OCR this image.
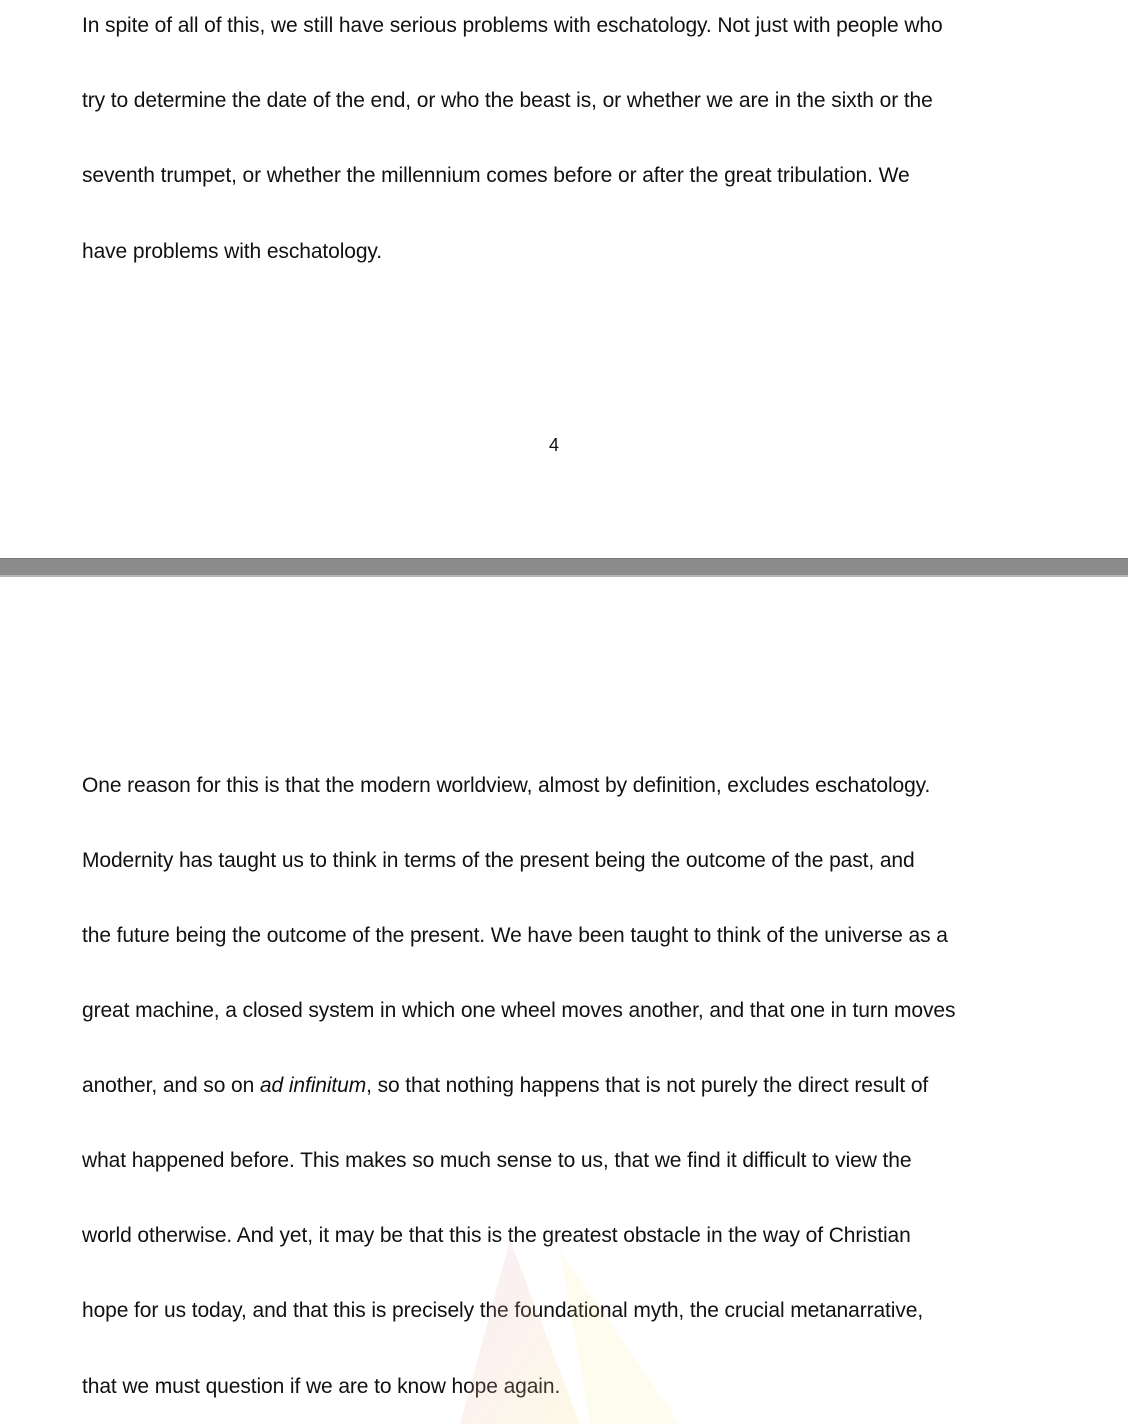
In spite of all of this, we still have serious problems with eschatology. Not just with people who

try to determine the date of the end, or who the beast is, or whether we are in the sixth or the

seventh trumpet, or whether the millennium comes before or after the great tribulation. We

have problems with eschatology.

4

One reason for this is that the modern worldview, almost by definition, excludes eschatology.

Modernity has taught us to think in terms of the present being the outcome of the past, and

the future being the outcome of the present. We have been taught to think of the universe as a

great machine, a closed system in which one wheel moves another, and that one in turn moves

another, and so on ad infinitum, so that nothing happens that is not purely the direct result of

what happened before. This makes so much sense to us, that we find it difficult to view the

world otherwise. And yet, it may be that this is the greatest obstacle in the way of Christian

hope for us today, and that this is precisely the foundational myth, the crucial metanarrative,

that we must question if we are to know hope again.
